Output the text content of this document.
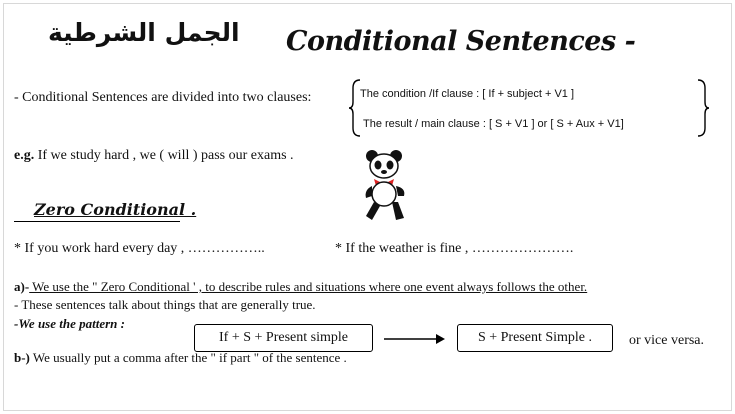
الجمل الشرطية Conditional Sentences -
- Conditional Sentences are divided into two clauses:	The condition /If clause : [ If + subject + V1 ]
The result / main clause : [ S + V1 ] or [ S + Aux + V1]
e.g. If we study hard , we ( will ) pass our exams .
Zero Conditional .
* If you work hard every day , ……………..	* If the weather is fine , ………………….
a)- We use the " Zero Conditional ' , to describe rules and situations where one event always follows the other.
- These sentences talk about things that are generally true.
-We use the pattern :
If + S + Present simple	S + Present Simple .	or vice versa.
b-) We usually put a comma after the " if part " of the sentence .
